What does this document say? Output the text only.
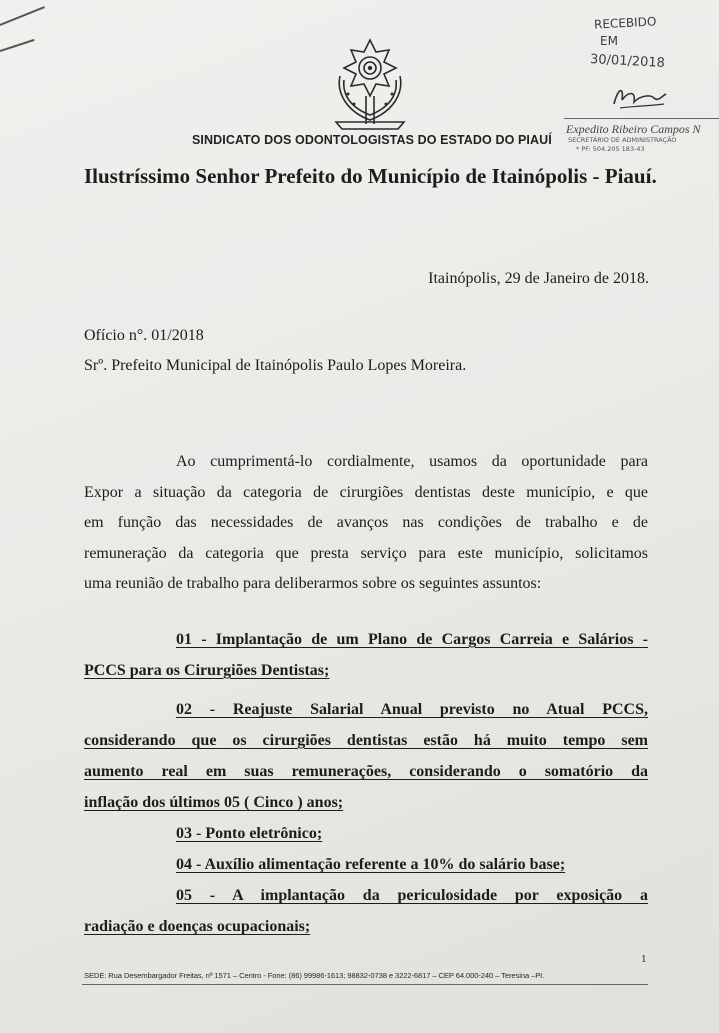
SINDICATO DOS ODONTOLOGISTAS DO ESTADO DO PIAUÍ
RECEBIDO
EM
30/01/2018
Expedito Ribeiro Campos N
SECRETÁRIO DE ADMINISTRAÇÃO
* PF: 504.205 183-43
Ilustríssimo Senhor Prefeito do Município de Itainópolis - Piauí.
Itainópolis, 29 de Janeiro de 2018.
Ofício n°. 01/2018
Srº. Prefeito Municipal de Itainópolis Paulo Lopes Moreira.
Ao cumprimentá-lo cordialmente, usamos da oportunidade para
Expor a situação da categoria de cirurgiões dentistas deste município, e que
em função das necessidades de avanços nas condições de trabalho e de
remuneração da categoria que presta serviço para este município, solicitamos
uma reunião de trabalho para deliberarmos sobre os seguintes assuntos:
01 - Implantação de um Plano de Cargos Carreia e Salários -
PCCS para os Cirurgiões Dentistas;
02 - Reajuste Salarial Anual previsto no Atual PCCS,
considerando que os cirurgiões dentistas estão há muito tempo sem
aumento real em suas remunerações, considerando o somatório da
inflação dos últimos 05 ( Cinco ) anos;
03 - Ponto eletrônico;
04 - Auxílio alimentação referente a 10% do salário base;
05 - A implantação da periculosidade por exposição a
radiação e doenças ocupacionais;
1
SEDE: Rua Desembargador Freitas, nº 1571 – Centro - Fone: (86) 99986-1613; 98832-0738 e 3222-6817 – CEP 64.000-240 – Teresina –PI.
